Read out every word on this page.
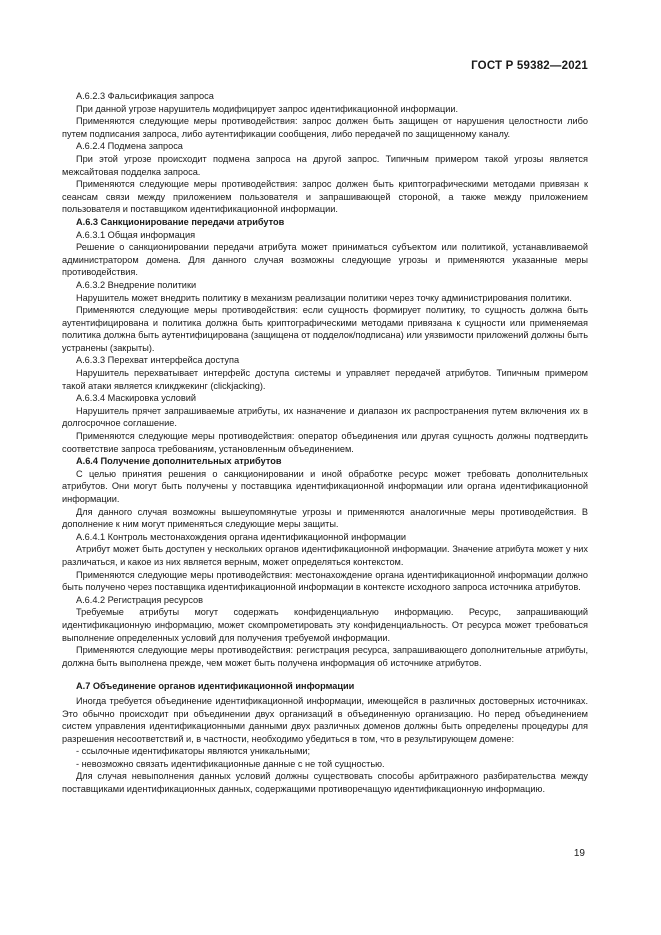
ГОСТ Р 59382—2021

А.6.2.3 Фальсификация запроса

При данной угрозе нарушитель модифицирует запрос идентификационной информации.

Применяются следующие меры противодействия: запрос должен быть защищен от нарушения целостности либо путем подписания запроса, либо аутентификации сообщения, либо передачей по защищенному каналу.

А.6.2.4 Подмена запроса

При этой угрозе происходит подмена запроса на другой запрос. Типичным примером такой угрозы является межсайтовая подделка запроса.

Применяются следующие меры противодействия: запрос должен быть криптографическими методами привязан к сеансам связи между приложением пользователя и запрашивающей стороной, а также между приложением пользователя и поставщиком идентификационной информации.

А.6.3 Санкционирование передачи атрибутов

А.6.3.1 Общая информация

Решение о санкционировании передачи атрибута может приниматься субъектом или политикой, устанавливаемой администратором домена. Для данного случая возможны следующие угрозы и применяются указанные меры противодействия.

А.6.3.2 Внедрение политики

Нарушитель может внедрить политику в механизм реализации политики через точку администрирования политики.

Применяются следующие меры противодействия: если сущность формирует политику, то сущность должна быть аутентифицирована и политика должна быть криптографическими методами привязана к сущности или применяемая политика должна быть аутентифицирована (защищена от подделок/подписана) или уязвимости приложений должны быть устранены (закрыты).

А.6.3.3 Перехват интерфейса доступа

Нарушитель перехватывает интерфейс доступа системы и управляет передачей атрибутов. Типичным примером такой атаки является кликджекинг (clickjacking).

А.6.3.4 Маскировка условий

Нарушитель прячет запрашиваемые атрибуты, их назначение и диапазон их распространения путем включения их в долгосрочное соглашение.

Применяются следующие меры противодействия: оператор объединения или другая сущность должны подтвердить соответствие запроса требованиям, установленным объединением.

А.6.4 Получение дополнительных атрибутов

С целью принятия решения о санкционировании и иной обработке ресурс может требовать дополнительных атрибутов. Они могут быть получены у поставщика идентификационной информации или органа идентификационной информации.

Для данного случая возможны вышеупомянутые угрозы и применяются аналогичные меры противодействия. В дополнение к ним могут применяться следующие меры защиты.

А.6.4.1 Контроль местонахождения органа идентификационной информации

Атрибут может быть доступен у нескольких органов идентификационной информации. Значение атрибута может у них различаться, и какое из них является верным, может определяться контекстом.

Применяются следующие меры противодействия: местонахождение органа идентификационной информации должно быть получено через поставщика идентификационной информации в контексте исходного запроса источника атрибутов.

А.6.4.2 Регистрация ресурсов

Требуемые атрибуты могут содержать конфиденциальную информацию. Ресурс, запрашивающий идентификационную информацию, может скомпрометировать эту конфиденциальность. От ресурса может требоваться выполнение определенных условий для получения требуемой информации.

Применяются следующие меры противодействия: регистрация ресурса, запрашивающего дополнительные атрибуты, должна быть выполнена прежде, чем может быть получена информация об источнике атрибутов.

А.7 Объединение органов идентификационной информации

Иногда требуется объединение идентификационной информации, имеющейся в различных достоверных источниках. Это обычно происходит при объединении двух организаций в объединенную организацию. Но перед объединением систем управления идентификационными данными двух различных доменов должны быть определены процедуры для разрешения несоответствий и, в частности, необходимо убедиться в том, что в результирующем домене:

- ссылочные идентификаторы являются уникальными;

- невозможно связать идентификационные данные с не той сущностью.

Для случая невыполнения данных условий должны существовать способы арбитражного разбирательства между поставщиками идентификационных данных, содержащими противоречащую идентификационную информацию.

19
